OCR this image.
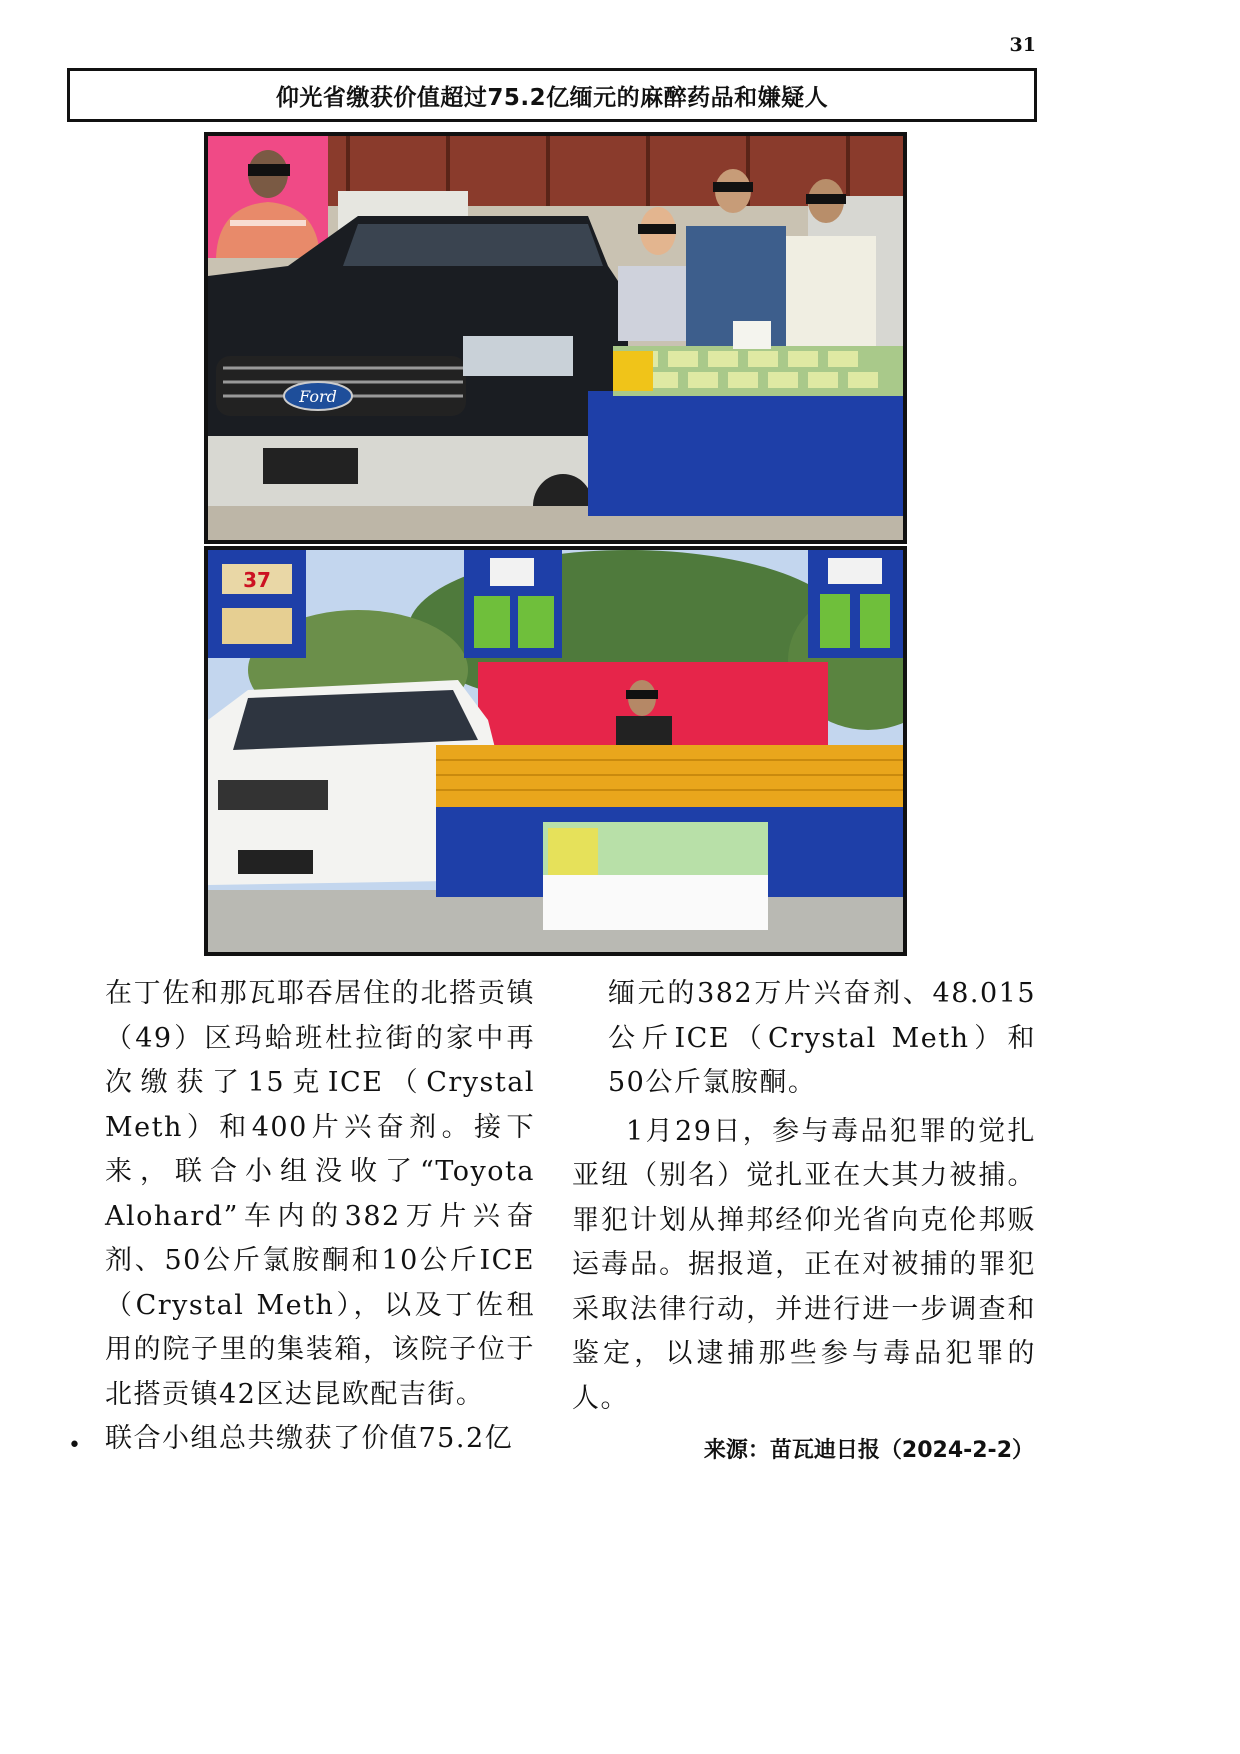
31
仰光省缴获价值超过75.2亿缅元的麻醉药品和嫌疑人
Ford
37

在丁佐和那瓦耶吞居住的北搭贡镇（49）区玛蛤班杜拉街的家中再次缴获了15克ICE（Crystal Meth）和400片兴奋剂。接下来，联合小组没收了“Toyota Alohard”车内的382万片兴奋剂、50公斤氯胺酮和10公斤ICE（Crystal Meth），以及丁佐租用的院子里的集装箱，该院子位于北搭贡镇42区达昆欧配吉街。

联合小组总共缴获了价值75.2亿

•

缅元的382万片兴奋剂、48.015公斤ICE（Crystal Meth）和50公斤氯胺酮。

1月29日，参与毒品犯罪的觉扎亚纽（别名）觉扎亚在大其力被捕。罪犯计划从掸邦经仰光省向克伦邦贩运毒品。据报道，正在对被捕的罪犯采取法律行动，并进行进一步调查和鉴定，以逮捕那些参与毒品犯罪的人。

来源：苗瓦迪日报（2024-2-2）
